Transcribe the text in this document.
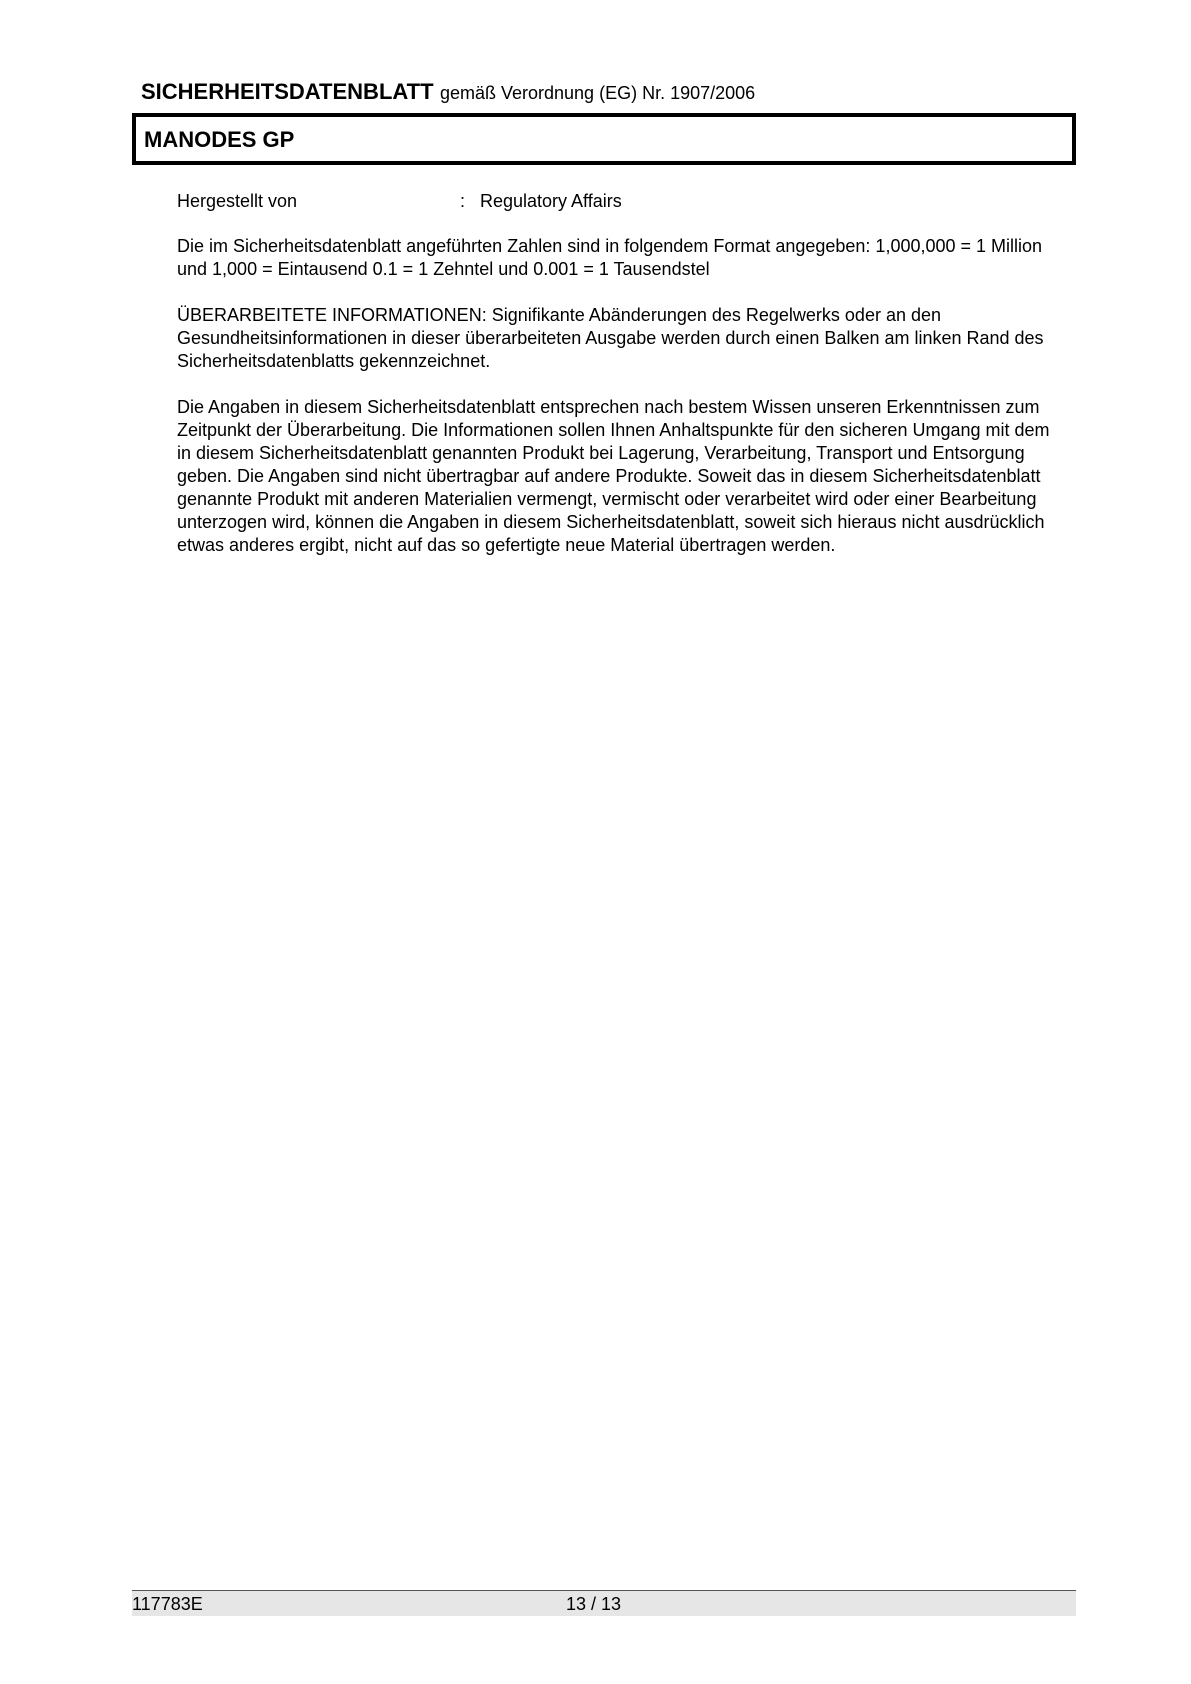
SICHERHEITSDATENBLATT gemäß Verordnung (EG) Nr. 1907/2006
MANODES GP
Hergestellt von	: Regulatory Affairs

Die im Sicherheitsdatenblatt angeführten Zahlen sind in folgendem Format angegeben: 1,000,000 = 1 Million und 1,000 = Eintausend 0.1 = 1 Zehntel und 0.001 = 1 Tausendstel

ÜBERARBEITETE INFORMATIONEN: Signifikante Abänderungen des Regelwerks oder an den Gesundheitsinformationen in dieser überarbeiteten Ausgabe werden durch einen Balken am linken Rand des Sicherheitsdatenblatts gekennzeichnet.

Die Angaben in diesem Sicherheitsdatenblatt entsprechen nach bestem Wissen unseren Erkenntnissen zum Zeitpunkt der Überarbeitung. Die Informationen sollen Ihnen Anhaltspunkte für den sicheren Umgang mit dem in diesem Sicherheitsdatenblatt genannten Produkt bei Lagerung, Verarbeitung, Transport und Entsorgung geben. Die Angaben sind nicht übertragbar auf andere Produkte. Soweit das in diesem Sicherheitsdatenblatt genannte Produkt mit anderen Materialien vermengt, vermischt oder verarbeitet wird oder einer Bearbeitung unterzogen wird, können die Angaben in diesem Sicherheitsdatenblatt, soweit sich hieraus nicht ausdrücklich etwas anderes ergibt, nicht auf das so gefertigte neue Material übertragen werden.

117783E	13 / 13
